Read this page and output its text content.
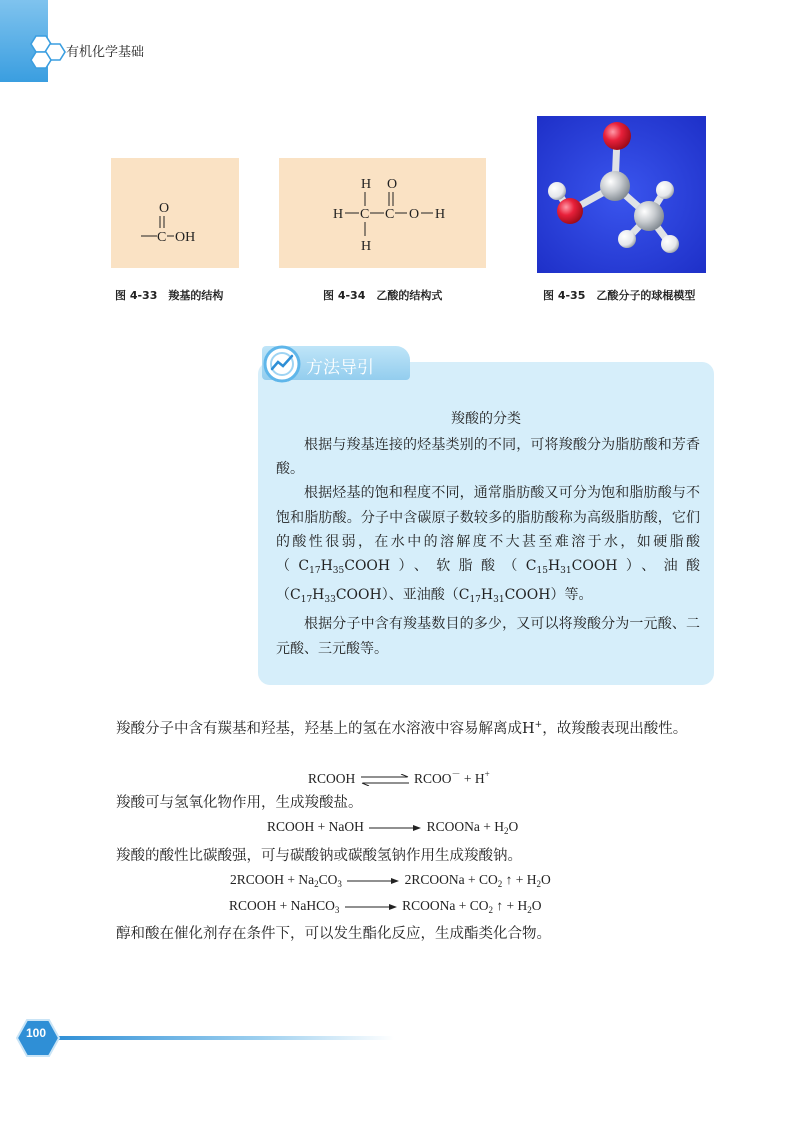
有机化学基础
O
C OH
图 4-33　羧基的结构
H O
H C C O H
H
图 4-34　乙酸的结构式	图 4-35　乙酸分子的球棍模型
方法导引
羧酸的分类

根据与羧基连接的烃基类别的不同，可将羧酸分为脂肪酸和芳香酸。

根据烃基的饱和程度不同，通常脂肪酸又可分为饱和脂肪酸与不饱和脂肪酸。分子中含碳原子数较多的脂肪酸称为高级脂肪酸，它们的酸性很弱，在水中的溶解度不大甚至难溶于水，如硬脂酸$(C_{17}H_{35}COOH)$、软脂酸$(C_{15}H_{31}COOH)$、油酸$(C_{17}H_{33}COOH)$、亚油酸$(C_{17}H_{31}COOH)$等。

根据分子中含有羧基数目的多少，又可以将羧酸分为一元酸、二元酸、三元酸等。

羧酸分子中含有羰基和羟基，羟基上的氢在水溶液中容易解离成H+，故羧酸表现出酸性。
RCOOH ⇌ RCOO－ + H+
羧酸可与氢氧化物作用，生成羧酸盐。
RCOOH + NaOH	RCOONa + $H_2O$
羧酸的酸性比碳酸强，可与碳酸钠或碳酸氢钠作用生成羧酸钠。
2RCOOH + $Na_2CO_3$	2RCOONa + $CO_2$ ↑ + $H_2O$
RCOOH + NaHCO$_3$	RCOONa + $CO_2$ ↑ + $H_2O$
醇和酸在催化剂存在条件下，可以发生酯化反应，生成酯类化合物。
100
